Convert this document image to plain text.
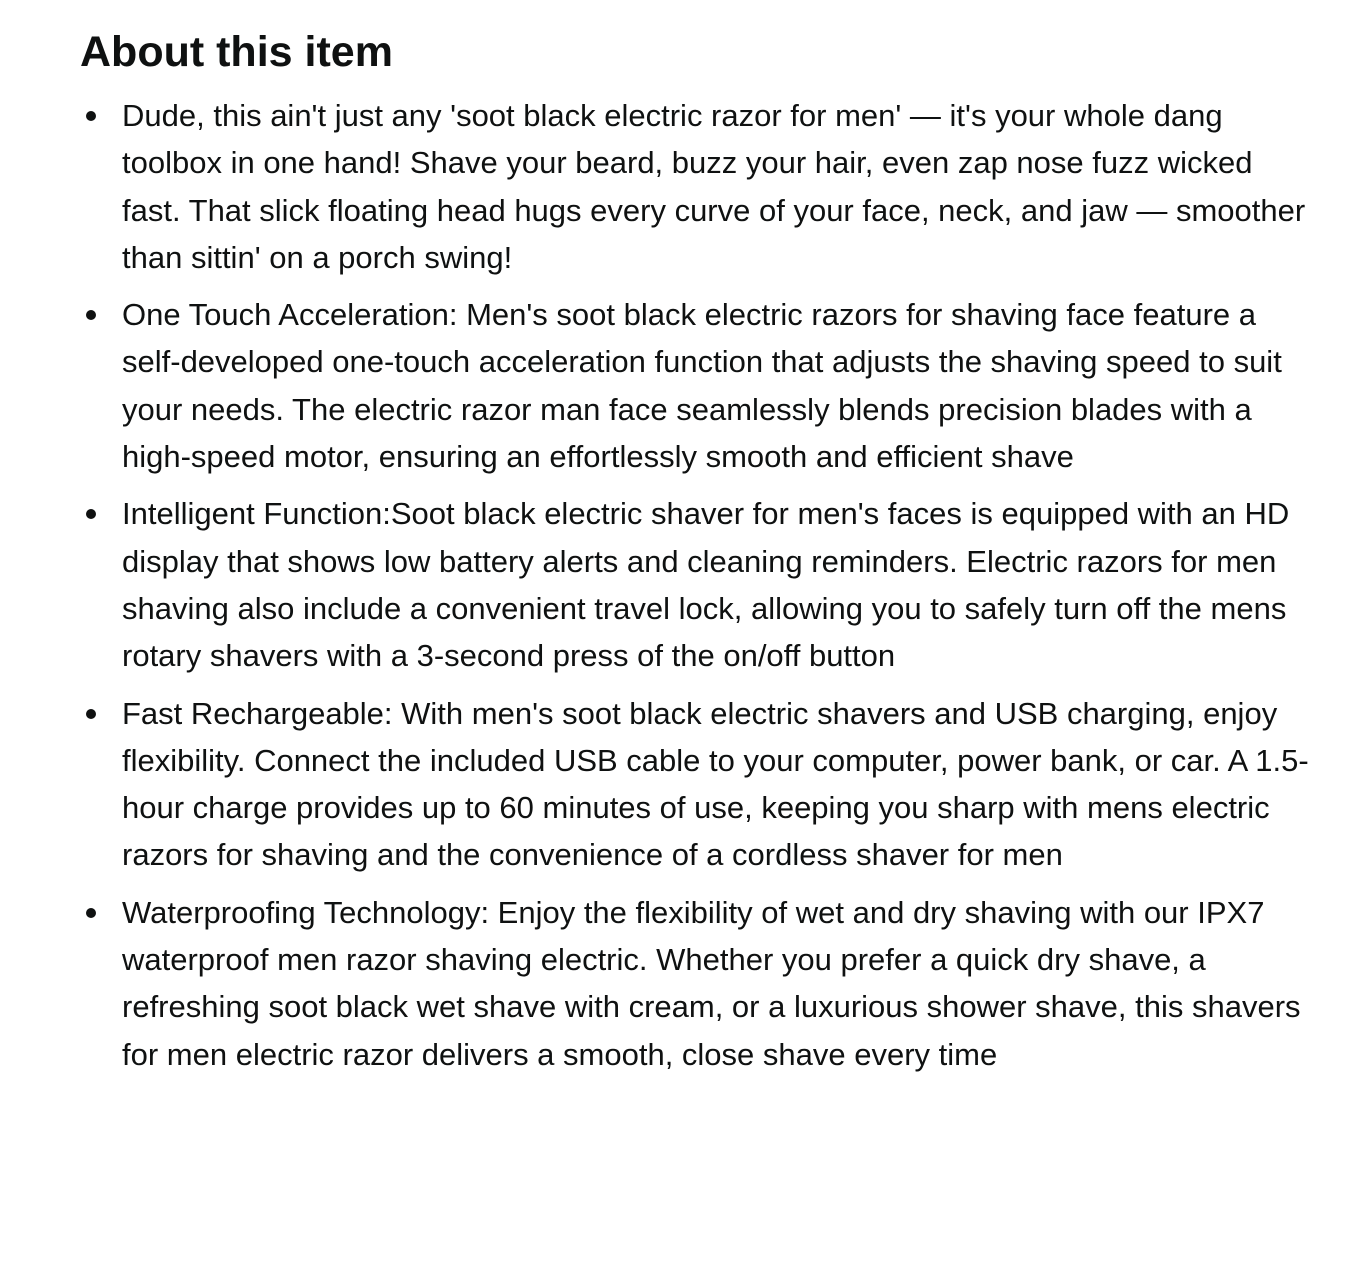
About this item
Dude, this ain't just any 'soot black electric razor for men' — it's your whole dang toolbox in one hand! Shave your beard, buzz your hair, even zap nose fuzz wicked fast. That slick floating head hugs every curve of your face, neck, and jaw — smoother than sittin' on a porch swing!
One Touch Acceleration: Men's soot black electric razors for shaving face feature a self-developed one-touch acceleration function that adjusts the shaving speed to suit your needs. The electric razor man face seamlessly blends precision blades with a high-speed motor, ensuring an effortlessly smooth and efficient shave
Intelligent Function:Soot black electric shaver for men's faces is equipped with an HD display that shows low battery alerts and cleaning reminders. Electric razors for men shaving also include a convenient travel lock, allowing you to safely turn off the mens rotary shavers with a 3-second press of the on/off button
Fast Rechargeable: With men's soot black electric shavers and USB charging, enjoy flexibility. Connect the included USB cable to your computer, power bank, or car. A 1.5-hour charge provides up to 60 minutes of use, keeping you sharp with mens electric razors for shaving and the convenience of a cordless shaver for men
Waterproofing Technology: Enjoy the flexibility of wet and dry shaving with our IPX7 waterproof men razor shaving electric. Whether you prefer a quick dry shave, a refreshing soot black wet shave with cream, or a luxurious shower shave, this shavers for men electric razor delivers a smooth, close shave every time
